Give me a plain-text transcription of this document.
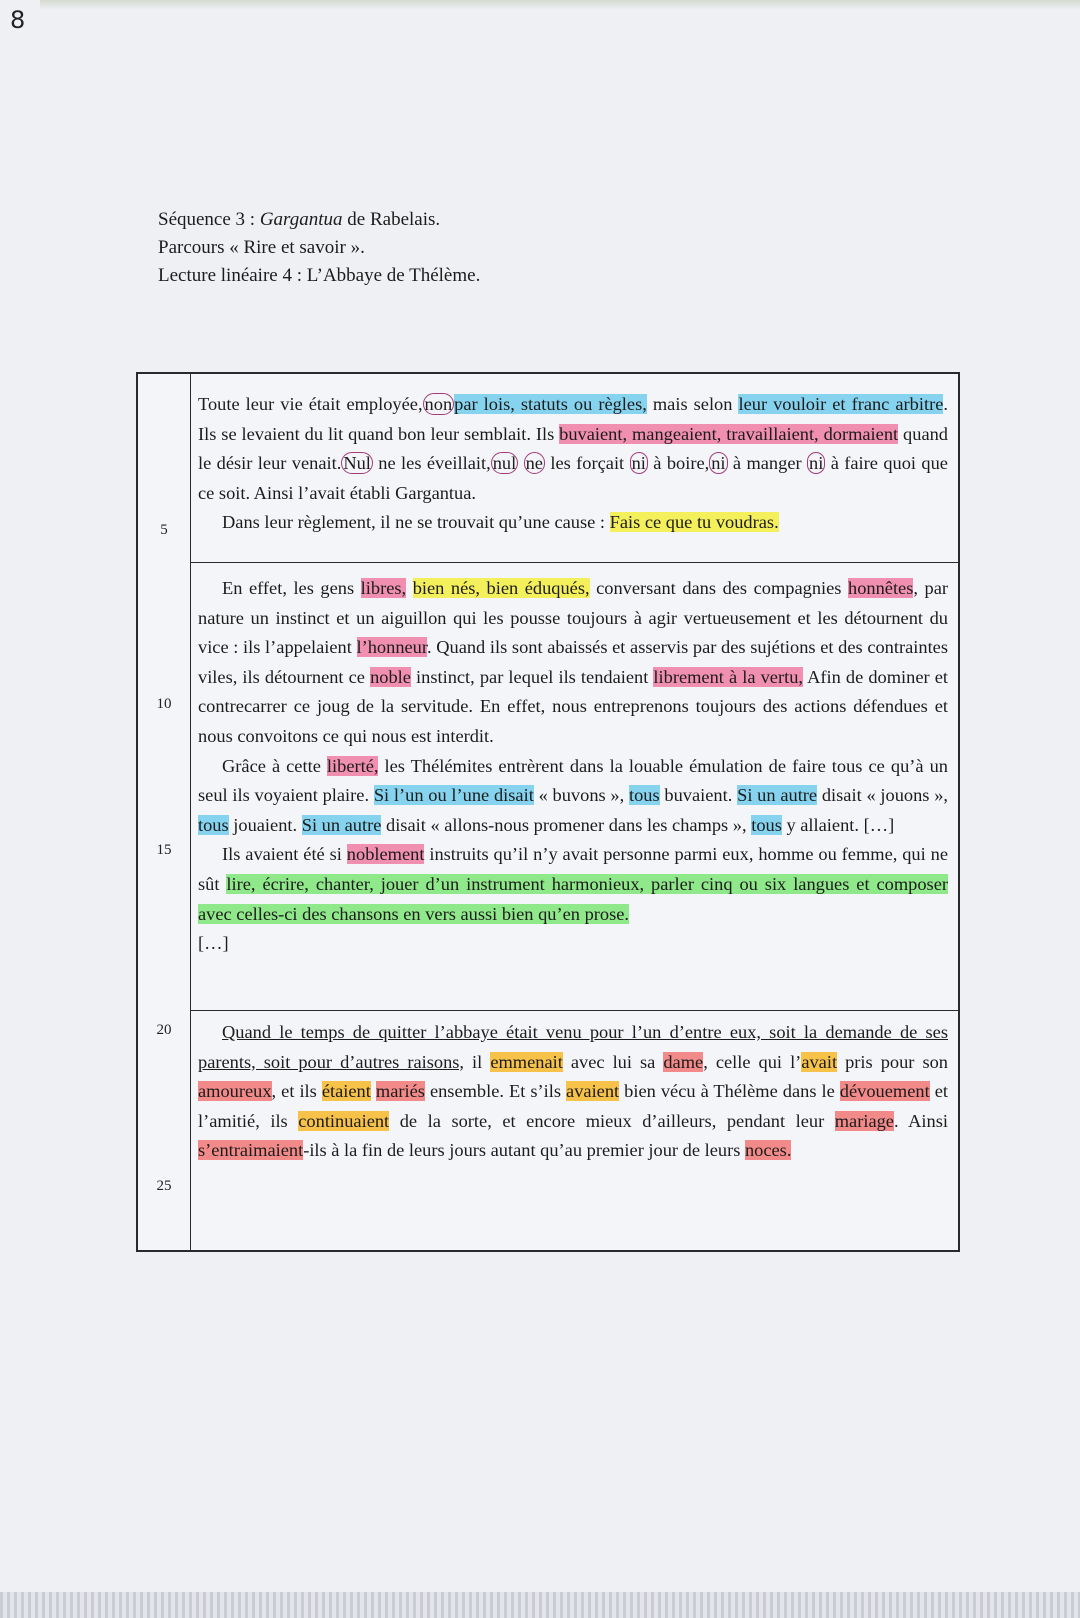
8
Séquence 3 : Gargantua de Rabelais.
Parcours « Rire et savoir ».
Lecture linéaire 4 : L’Abbaye de Thélème.
5
10
15
20
25

Toute leur vie était employée, non par lois, statuts ou règles, mais selon leur vouloir et franc arbitre. Ils se levaient du lit quand bon leur semblait. Ils buvaient, mangeaient, travaillaient, dormaient quand le désir leur venait. Nul ne les éveillait, nul ne les forçait ni à boire, ni à manger ni à faire quoi que ce soit. Ainsi l’avait établi Gargantua.

Dans leur règlement, il ne se trouvait qu’une cause : Fais ce que tu voudras.

En effet, les gens libres, bien nés, bien éduqués, conversant dans des compagnies honnêtes, par nature un instinct et un aiguillon qui les pousse toujours à agir vertueusement et les détournent du vice : ils l’appelaient l’honneur. Quand ils sont abaissés et asservis par des sujétions et des contraintes viles, ils détournent ce noble instinct, par lequel ils tendaient librement à la vertu, Afin de dominer et contrecarrer ce joug de la servitude. En effet, nous entreprenons toujours des actions défendues et nous convoitons ce qui nous est interdit.

Grâce à cette liberté, les Thélémites entrèrent dans la louable émulation de faire tous ce qu’à un seul ils voyaient plaire. Si l’un ou l’une disait « buvons », tous buvaient. Si un autre disait « jouons », tous jouaient. Si un autre disait « allons-nous promener dans les champs », tous y allaient. […]

Ils avaient été si noblement instruits qu’il n’y avait personne parmi eux, homme ou femme, qui ne sût lire, écrire, chanter, jouer d’un instrument harmonieux, parler cinq ou six langues et composer avec celles-ci des chansons en vers aussi bien qu’en prose.

[…]

Quand le temps de quitter l’abbaye était venu pour l’un d’entre eux, soit la demande de ses parents, soit pour d’autres raisons, il emmenait avec lui sa dame, celle qui l’avait pris pour son amoureux, et ils étaient mariés ensemble. Et s’ils avaient bien vécu à Thélème dans le dévouement et l’amitié, ils continuaient de la sorte, et encore mieux d’ailleurs, pendant leur mariage. Ainsi s’entraimaient-ils à la fin de leurs jours autant qu’au premier jour de leurs noces.
